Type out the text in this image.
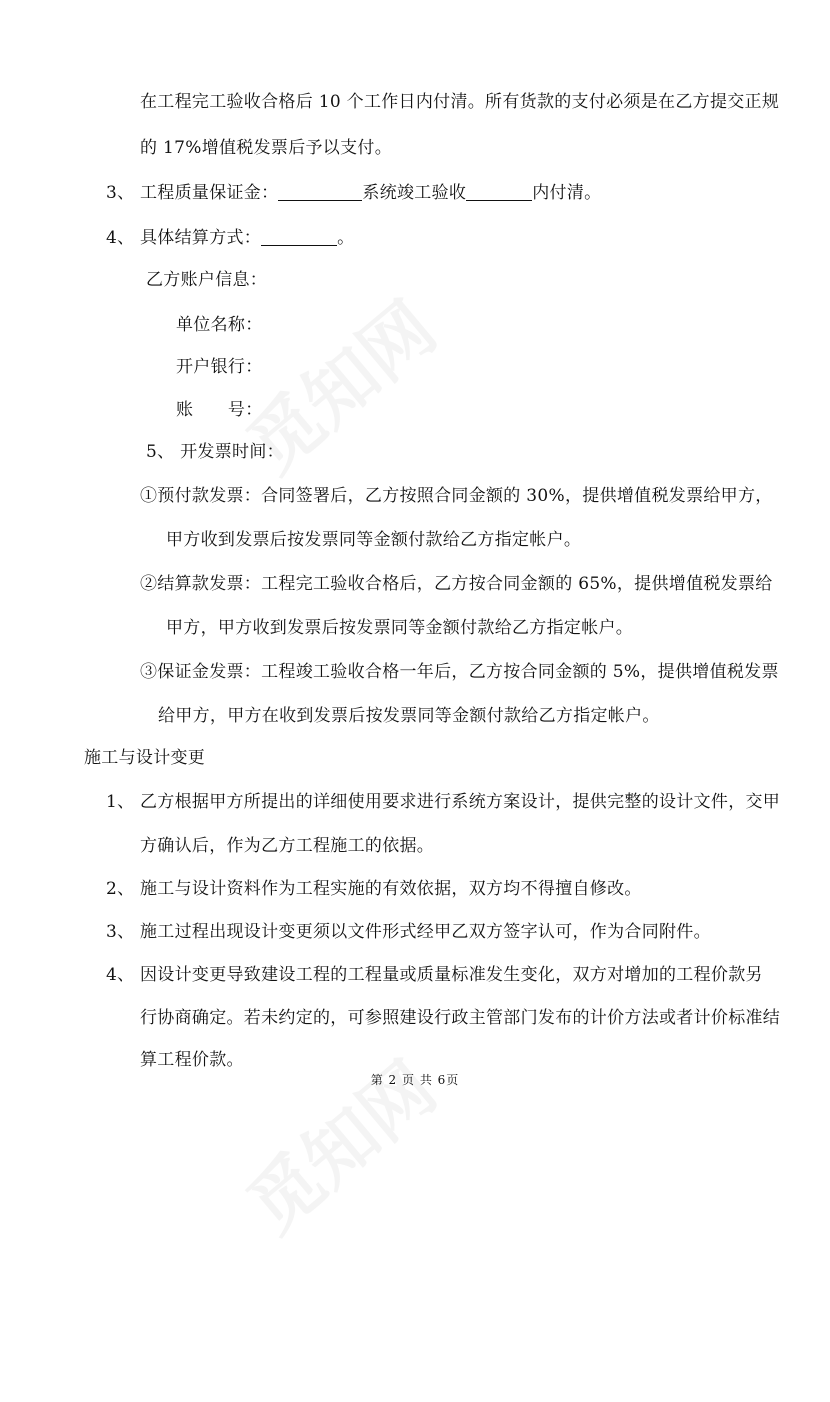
在工程完工验收合格后 10 个工作日内付清。所有货款的支付必须是在乙方提交正规

的 17%增值税发票后予以支付。

3、 工程质量保证金：	系统竣工验收	内付清。

4、 具体结算方式：	。

乙方账户信息：

单位名称：

开户银行：

账　　号：

5、 开发票时间：

①预付款发票：合同签署后，乙方按照合同金额的 30%，提供增值税发票给甲方，

甲方收到发票后按发票同等金额付款给乙方指定帐户。

②结算款发票：工程完工验收合格后，乙方按合同金额的 65%，提供增值税发票给

甲方，甲方收到发票后按发票同等金额付款给乙方指定帐户。

③保证金发票：工程竣工验收合格一年后，乙方按合同金额的 5%，提供增值税发票

给甲方，甲方在收到发票后按发票同等金额付款给乙方指定帐户。

施工与设计变更

1、 乙方根据甲方所提出的详细使用要求进行系统方案设计，提供完整的设计文件，交甲

方确认后，作为乙方工程施工的依据。

2、 施工与设计资料作为工程实施的有效依据，双方均不得擅自修改。

3、 施工过程出现设计变更须以文件形式经甲乙双方签字认可，作为合同附件。

4、 因设计变更导致建设工程的工程量或质量标准发生变化，双方对增加的工程价款另

行协商确定。若未约定的，可参照建设行政主管部门发布的计价方法或者计价标准结

算工程价款。

第 2 页 共 6页
